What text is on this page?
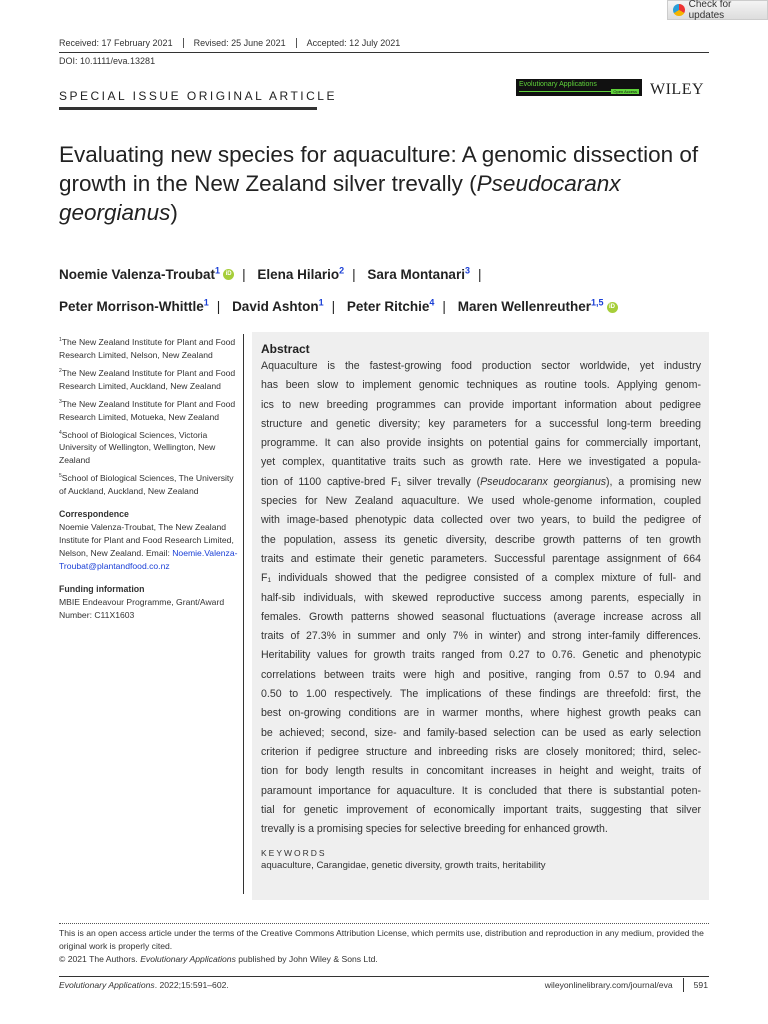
Check for updates
Received: 17 February 2021	Revised: 25 June 2021	Accepted: 12 July 2021
DOI: 10.1111/eva.13281
SPECIAL ISSUE ORIGINAL ARTICLE
Evolutionary Applications
Open Access WILEY
Evaluating new species for aquaculture: A genomic dissection of growth in the New Zealand silver trevally (Pseudocaranx georgianus)
Noemie Valenza-Troubat$^1$ iD | Elena Hilario$^2$ | Sara Montanari$^3$ |
Peter Morrison-Whittle$^1$ | David Ashton$^1$ | Peter Ritchie$^4$ | Maren Wellenreuther$^{1,5}$ iD

$^1$The New Zealand Institute for Plant and Food Research Limited, Nelson, New Zealand

$^2$The New Zealand Institute for Plant and Food Research Limited, Auckland, New Zealand

$^3$The New Zealand Institute for Plant and Food Research Limited, Motueka, New Zealand

$^4$School of Biological Sciences, Victoria University of Wellington, Wellington, New Zealand

$^5$School of Biological Sciences, The University of Auckland, Auckland, New Zealand

Correspondence
Noemie Valenza-Troubat, The New Zealand Institute for Plant and Food Research Limited, Nelson, New Zealand. Email: Noemie.Valenza-Troubat@plantandfood.co.nz
Funding information
MBIE Endeavour Programme, Grant/Award Number: C11X1603
Abstract
Aquaculture is the fastest-growing food production sector worldwide, yet industry
has been slow to implement genomic techniques as routine tools. Applying genom-
ics to new breeding programmes can provide important information about pedigree
structure and genetic diversity; key parameters for a successful long-term breeding
programme. It can also provide insights on potential gains for commercially important,
yet complex, quantitative traits such as growth rate. Here we investigated a popula-
tion of 1100 captive-bred F₁ silver trevally (Pseudocaranx georgianus), a promising new
species for New Zealand aquaculture. We used whole-genome information, coupled
with image-based phenotypic data collected over two years, to build the pedigree of
the population, assess its genetic diversity, describe growth patterns of ten growth
traits and estimate their genetic parameters. Successful parentage assignment of 664
F₁ individuals showed that the pedigree consisted of a complex mixture of full- and
half-sib individuals, with skewed reproductive success among parents, especially in
females. Growth patterns showed seasonal fluctuations (average increase across all
traits of 27.3% in summer and only 7% in winter) and strong inter-family differences.
Heritability values for growth traits ranged from 0.27 to 0.76. Genetic and phenotypic
correlations between traits were high and positive, ranging from 0.57 to 0.94 and
0.50 to 1.00 respectively. The implications of these findings are threefold: first, the
best on-growing conditions are in warmer months, where highest growth peaks can
be achieved; second, size- and family-based selection can be used as early selection
criterion if pedigree structure and inbreeding risks are closely monitored; third, selec-
tion for body length results in concomitant increases in height and weight, traits of
paramount importance for aquaculture. It is concluded that there is substantial poten-
tial for genetic improvement of economically important traits, suggesting that silver
trevally is a promising species for selective breeding for enhanced growth.
KEYWORDS
aquaculture, Carangidae, genetic diversity, growth traits, heritability
This is an open access article under the terms of the Creative Commons Attribution License, which permits use, distribution and reproduction in any medium, provided the original work is properly cited.
© 2021 The Authors. Evolutionary Applications published by John Wiley & Sons Ltd.
Evolutionary Applications. 2022;15:591–602.	wileyonlinelibrary.com/journal/eva	591
